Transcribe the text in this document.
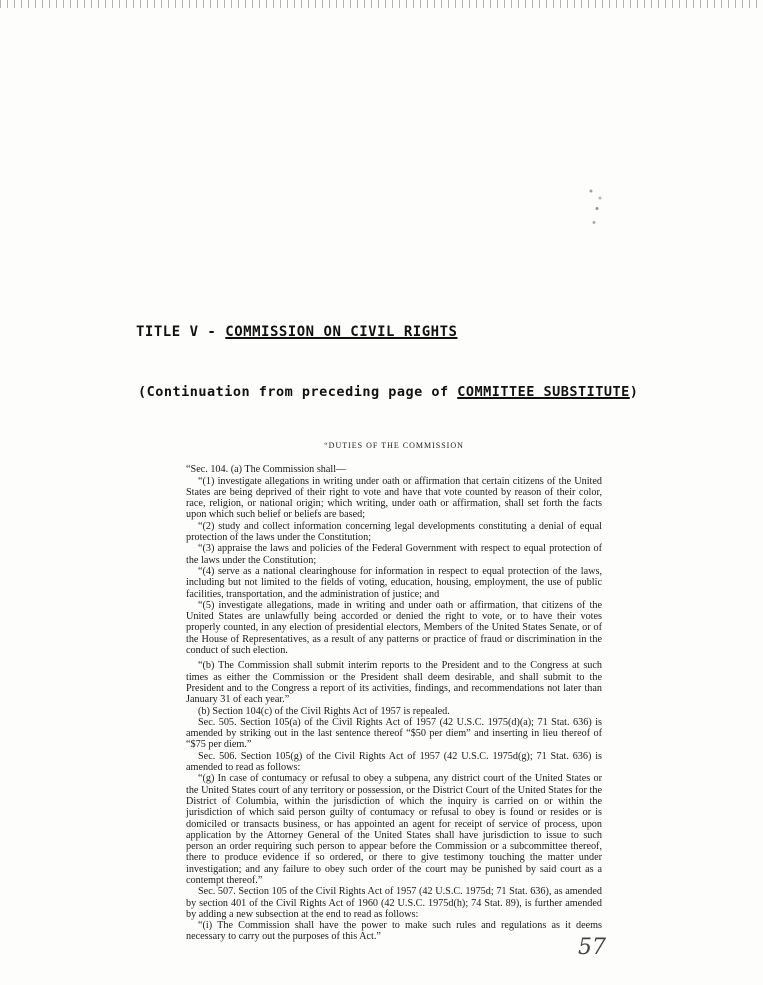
TITLE V - COMMISSION ON CIVIL RIGHTS
(Continuation from preceding page of COMMITTEE SUBSTITUTE)
“DUTIES OF THE COMMISSION

“Sec. 104. (a) The Commission shall—

“(1) investigate allegations in writing under oath or affirmation that certain citizens of the United States are being deprived of their right to vote and have that vote counted by reason of their color, race, religion, or national origin; which writing, under oath or affirmation, shall set forth the facts upon which such belief or beliefs are based;

“(2) study and collect information concerning legal developments constituting a denial of equal protection of the laws under the Constitution;

“(3) appraise the laws and policies of the Federal Government with respect to equal protection of the laws under the Constitution;

“(4) serve as a national clearinghouse for information in respect to equal protection of the laws, including but not limited to the fields of voting, education, housing, employment, the use of public facilities, transportation, and the administration of justice; and

“(5) investigate allegations, made in writing and under oath or affirmation, that citizens of the United States are unlawfully being accorded or denied the right to vote, or to have their votes properly counted, in any election of presidential electors, Members of the United States Senate, or of the House of Representatives, as a result of any patterns or practice of fraud or discrimination in the conduct of such election.

“(b) The Commission shall submit interim reports to the President and to the Congress at such times as either the Commission or the President shall deem desirable, and shall submit to the President and to the Congress a report of its activities, findings, and recommendations not later than January 31 of each year.”

(b) Section 104(c) of the Civil Rights Act of 1957 is repealed.

Sec. 505. Section 105(a) of the Civil Rights Act of 1957 (42 U.S.C. 1975(d)(a); 71 Stat. 636) is amended by striking out in the last sentence thereof “$50 per diem” and inserting in lieu thereof of “$75 per diem.”

Sec. 506. Section 105(g) of the Civil Rights Act of 1957 (42 U.S.C. 1975d(g); 71 Stat. 636) is amended to read as follows:

“(g) In case of contumacy or refusal to obey a subpena, any district court of the United States or the United States court of any territory or possession, or the District Court of the United States for the District of Columbia, within the jurisdiction of which the inquiry is carried on or within the jurisdiction of which said person guilty of contumacy or refusal to obey is found or resides or is domiciled or transacts business, or has appointed an agent for receipt of service of process, upon application by the Attorney General of the United States shall have jurisdiction to issue to such person an order requiring such person to appear before the Commission or a subcommittee thereof, there to produce evidence if so ordered, or there to give testimony touching the matter under investigation; and any failure to obey such order of the court may be punished by said court as a contempt thereof.”

Sec. 507. Section 105 of the Civil Rights Act of 1957 (42 U.S.C. 1975d; 71 Stat. 636), as amended by section 401 of the Civil Rights Act of 1960 (42 U.S.C. 1975d(h); 74 Stat. 89), is further amended by adding a new subsection at the end to read as follows:

“(i) The Commission shall have the power to make such rules and regulations as it deems necessary to carry out the purposes of this Act.”	57
